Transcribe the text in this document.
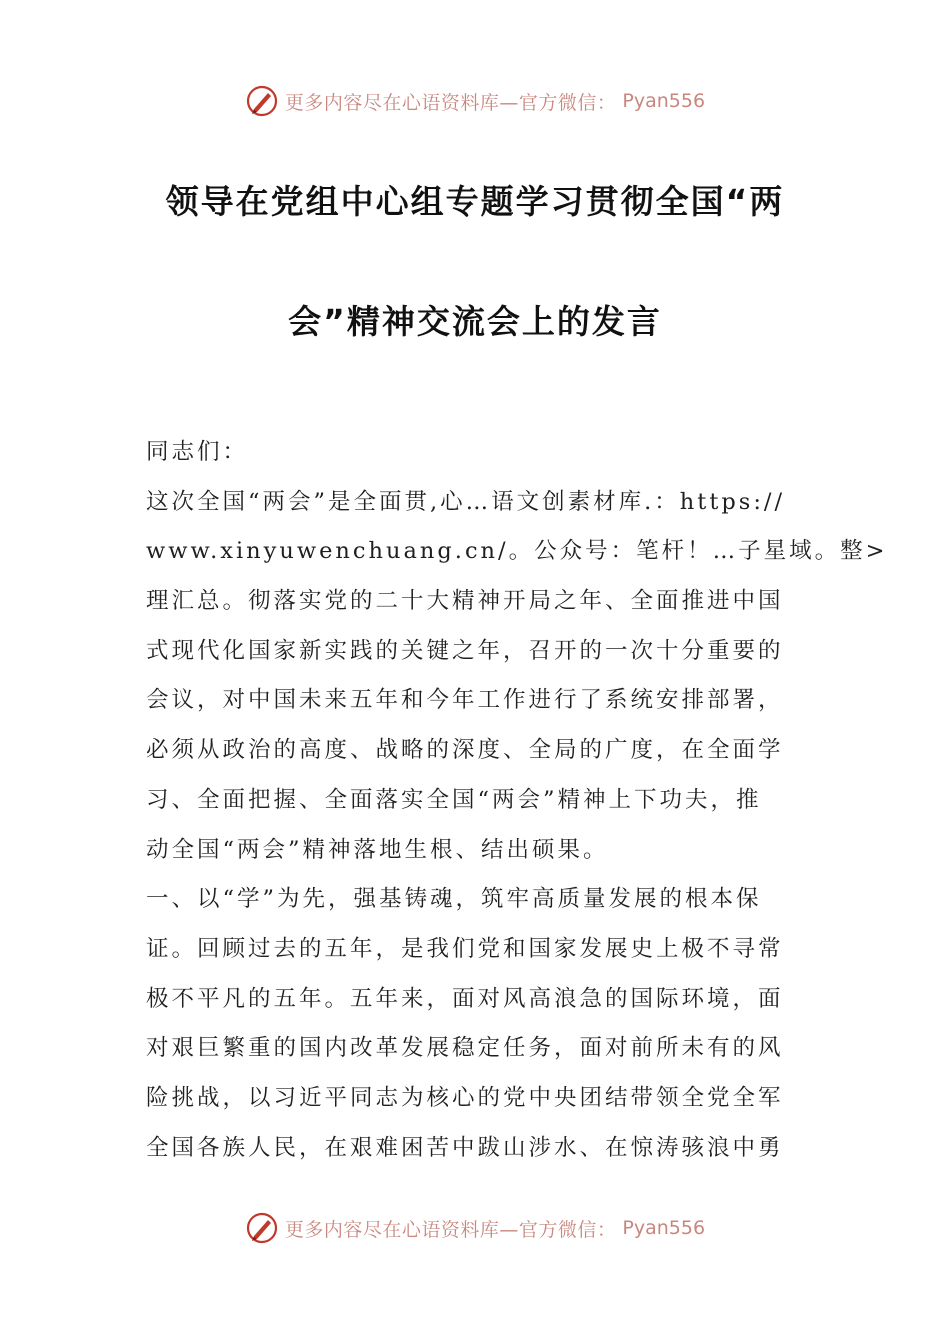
更多内容尽在心语资料库—官方微信： Pyan556
领导在党组中心组专题学习贯彻全国“两
会”精神交流会上的发言
同志们：
这次全国“两会”是全面贯,心…语文创素材库.：https://
www.xinyuwenchuang.cn/。公众号：笔杆！…子星域。整>
理汇总。彻落实党的二十大精神开局之年、全面推进中国
式现代化国家新实践的关键之年，召开的一次十分重要的
会议，对中国未来五年和今年工作进行了系统安排部署，
必须从政治的高度、战略的深度、全局的广度，在全面学
习、全面把握、全面落实全国“两会”精神上下功夫，推
动全国“两会”精神落地生根、结出硕果。
一、以“学”为先，强基铸魂，筑牢高质量发展的根本保
证。回顾过去的五年，是我们党和国家发展史上极不寻常
极不平凡的五年。五年来，面对风高浪急的国际环境，面
对艰巨繁重的国内改革发展稳定任务，面对前所未有的风
险挑战，以习近平同志为核心的党中央团结带领全党全军
全国各族人民，在艰难困苦中跋山涉水、在惊涛骇浪中勇
更多内容尽在心语资料库—官方微信： Pyan556
